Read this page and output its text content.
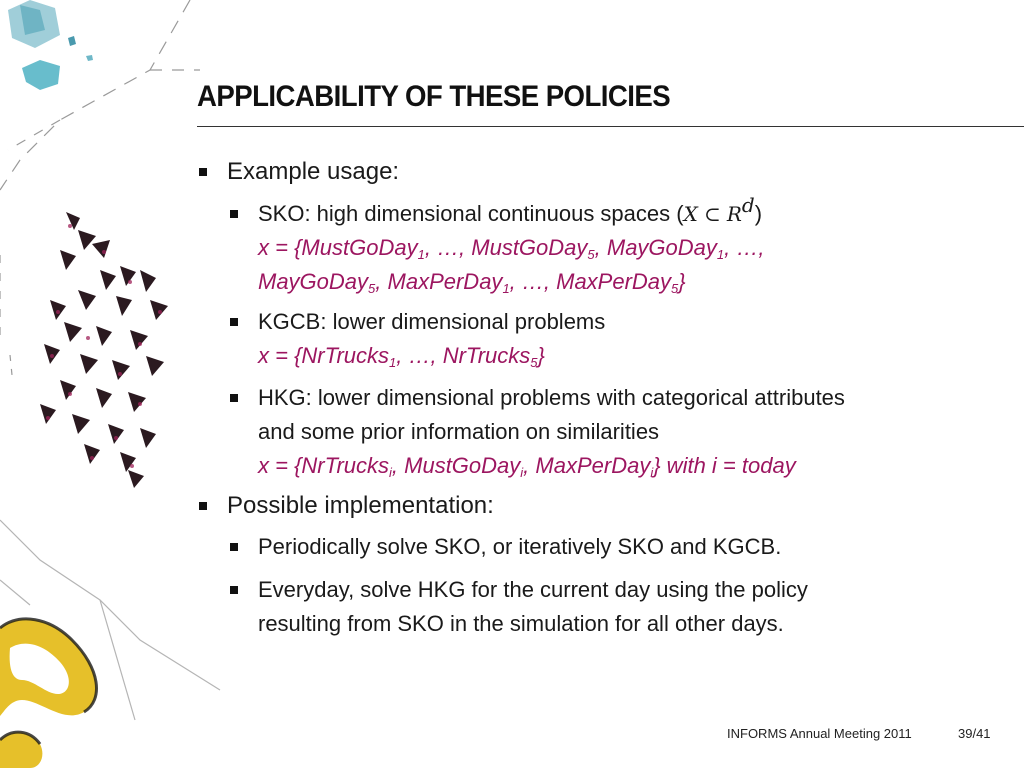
APPLICABILITY OF THESE POLICIES
Example usage:
SKO: high dimensional continuous spaces (X ⊂ $R^d$)
x = {MustGoDay$_1$, …, MustGoDay$_5$, MayGoDay$_1$, …,
MayGoDay$_5$, MaxPerDay$_1$, …, MaxPerDay$_5$}
KGCB: lower dimensional problems
x = {NrTrucks$_1$, …, NrTrucks$_5$}
HKG: lower dimensional problems with categorical attributes
and some prior information on similarities
x = {NrTrucks$_i$, MustGoDay$_i$, MaxPerDay$_i$} with i = today
Possible implementation:
Periodically solve SKO, or iteratively SKO and KGCB.
Everyday, solve HKG for the current day using the policy
resulting from SKO in the simulation for all other days.
INFORMS Annual Meeting 2011	39/41
